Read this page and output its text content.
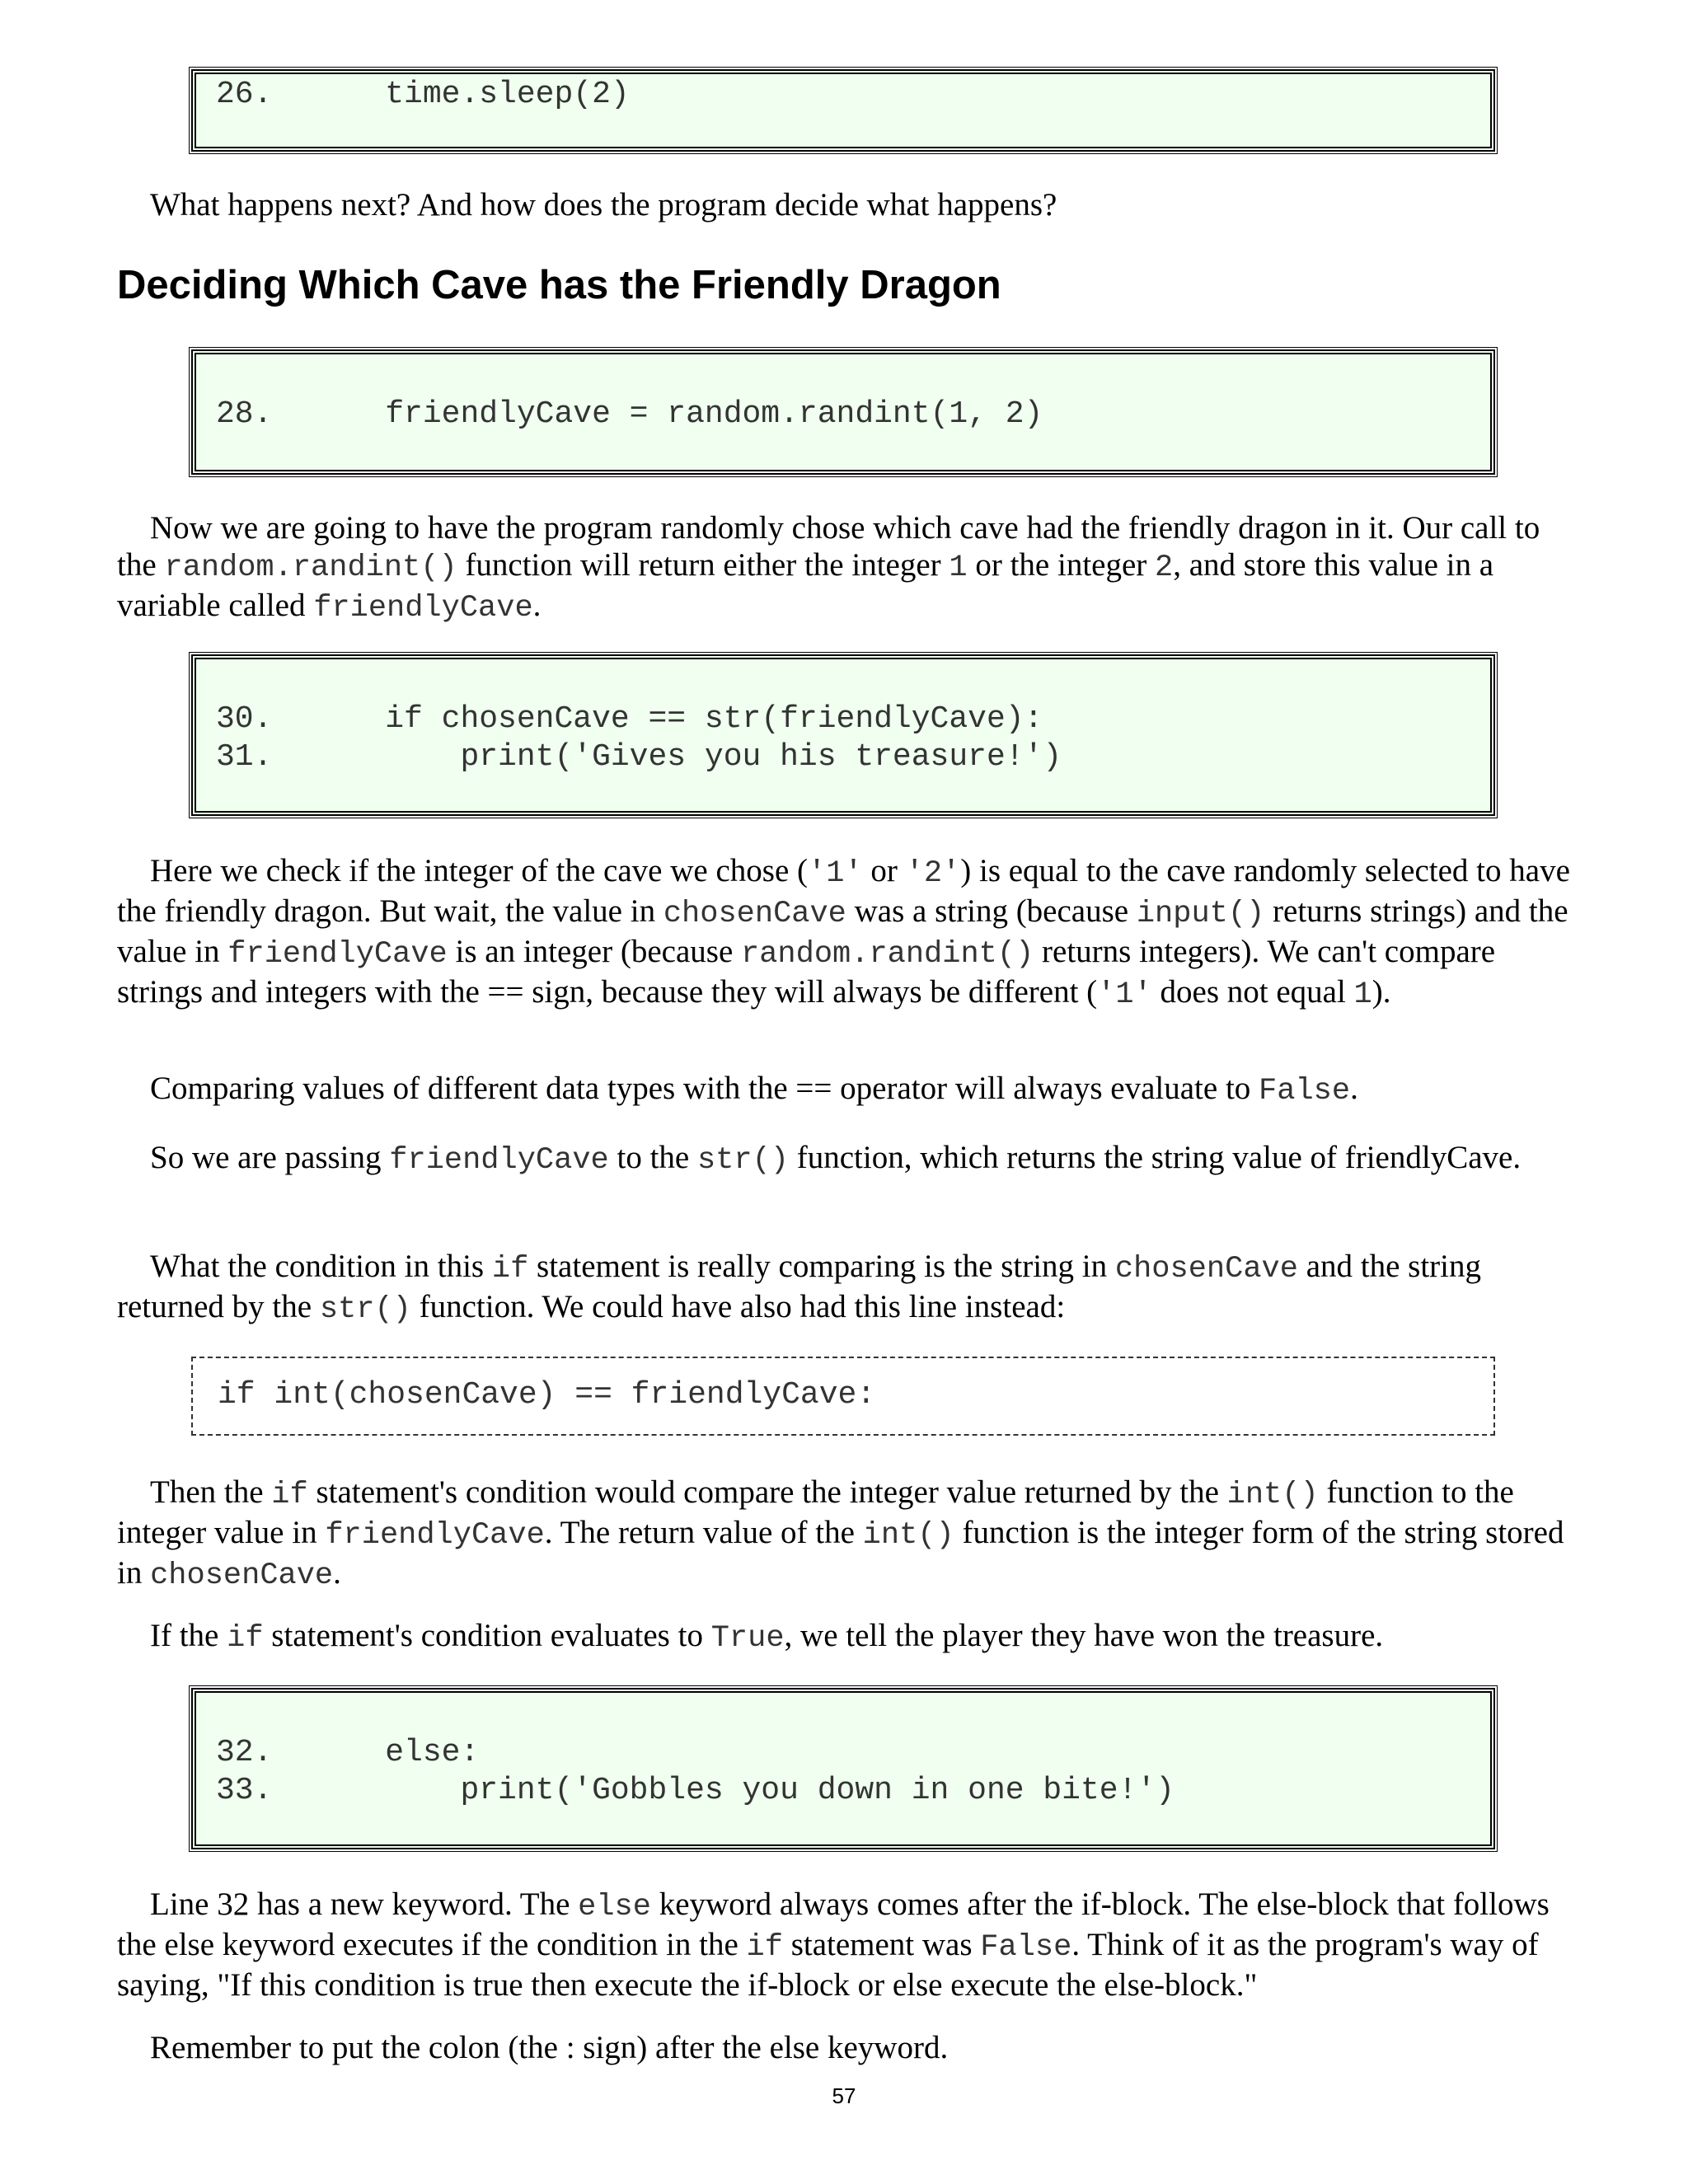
26.      time.sleep(2)

What happens next? And how does the program decide what happens?

Deciding Which Cave has the Friendly Dragon
28.      friendlyCave = random.randint(1, 2)

Now we are going to have the program randomly chose which cave had the friendly dragon in it. Our call to the random.randint() function will return either the integer 1 or the integer 2, and store this value in a variable called friendlyCave.

30.      if chosenCave == str(friendlyCave):
31.          print('Gives you his treasure!')

Here we check if the integer of the cave we chose ('1' or '2') is equal to the cave randomly selected to have the friendly dragon. But wait, the value in chosenCave was a string (because input() returns strings) and the value in friendlyCave is an integer (because random.randint() returns integers). We can't compare strings and integers with the == sign, because they will always be different ('1' does not equal 1).

Comparing values of different data types with the == operator will always evaluate to False.

So we are passing friendlyCave to the str() function, which returns the string value of friendlyCave.

What the condition in this if statement is really comparing is the string in chosenCave and the string returned by the str() function. We could have also had this line instead:

if int(chosenCave) == friendlyCave:

Then the if statement's condition would compare the integer value returned by the int() function to the integer value in friendlyCave. The return value of the int() function is the integer form of the string stored in chosenCave.

If the if statement's condition evaluates to True, we tell the player they have won the treasure.

32.      else:
33.          print('Gobbles you down in one bite!')

Line 32 has a new keyword. The else keyword always comes after the if-block. The else-block that follows the else keyword executes if the condition in the if statement was False. Think of it as the program's way of saying, "If this condition is true then execute the if-block or else execute the else-block."

Remember to put the colon (the : sign) after the else keyword.

57
